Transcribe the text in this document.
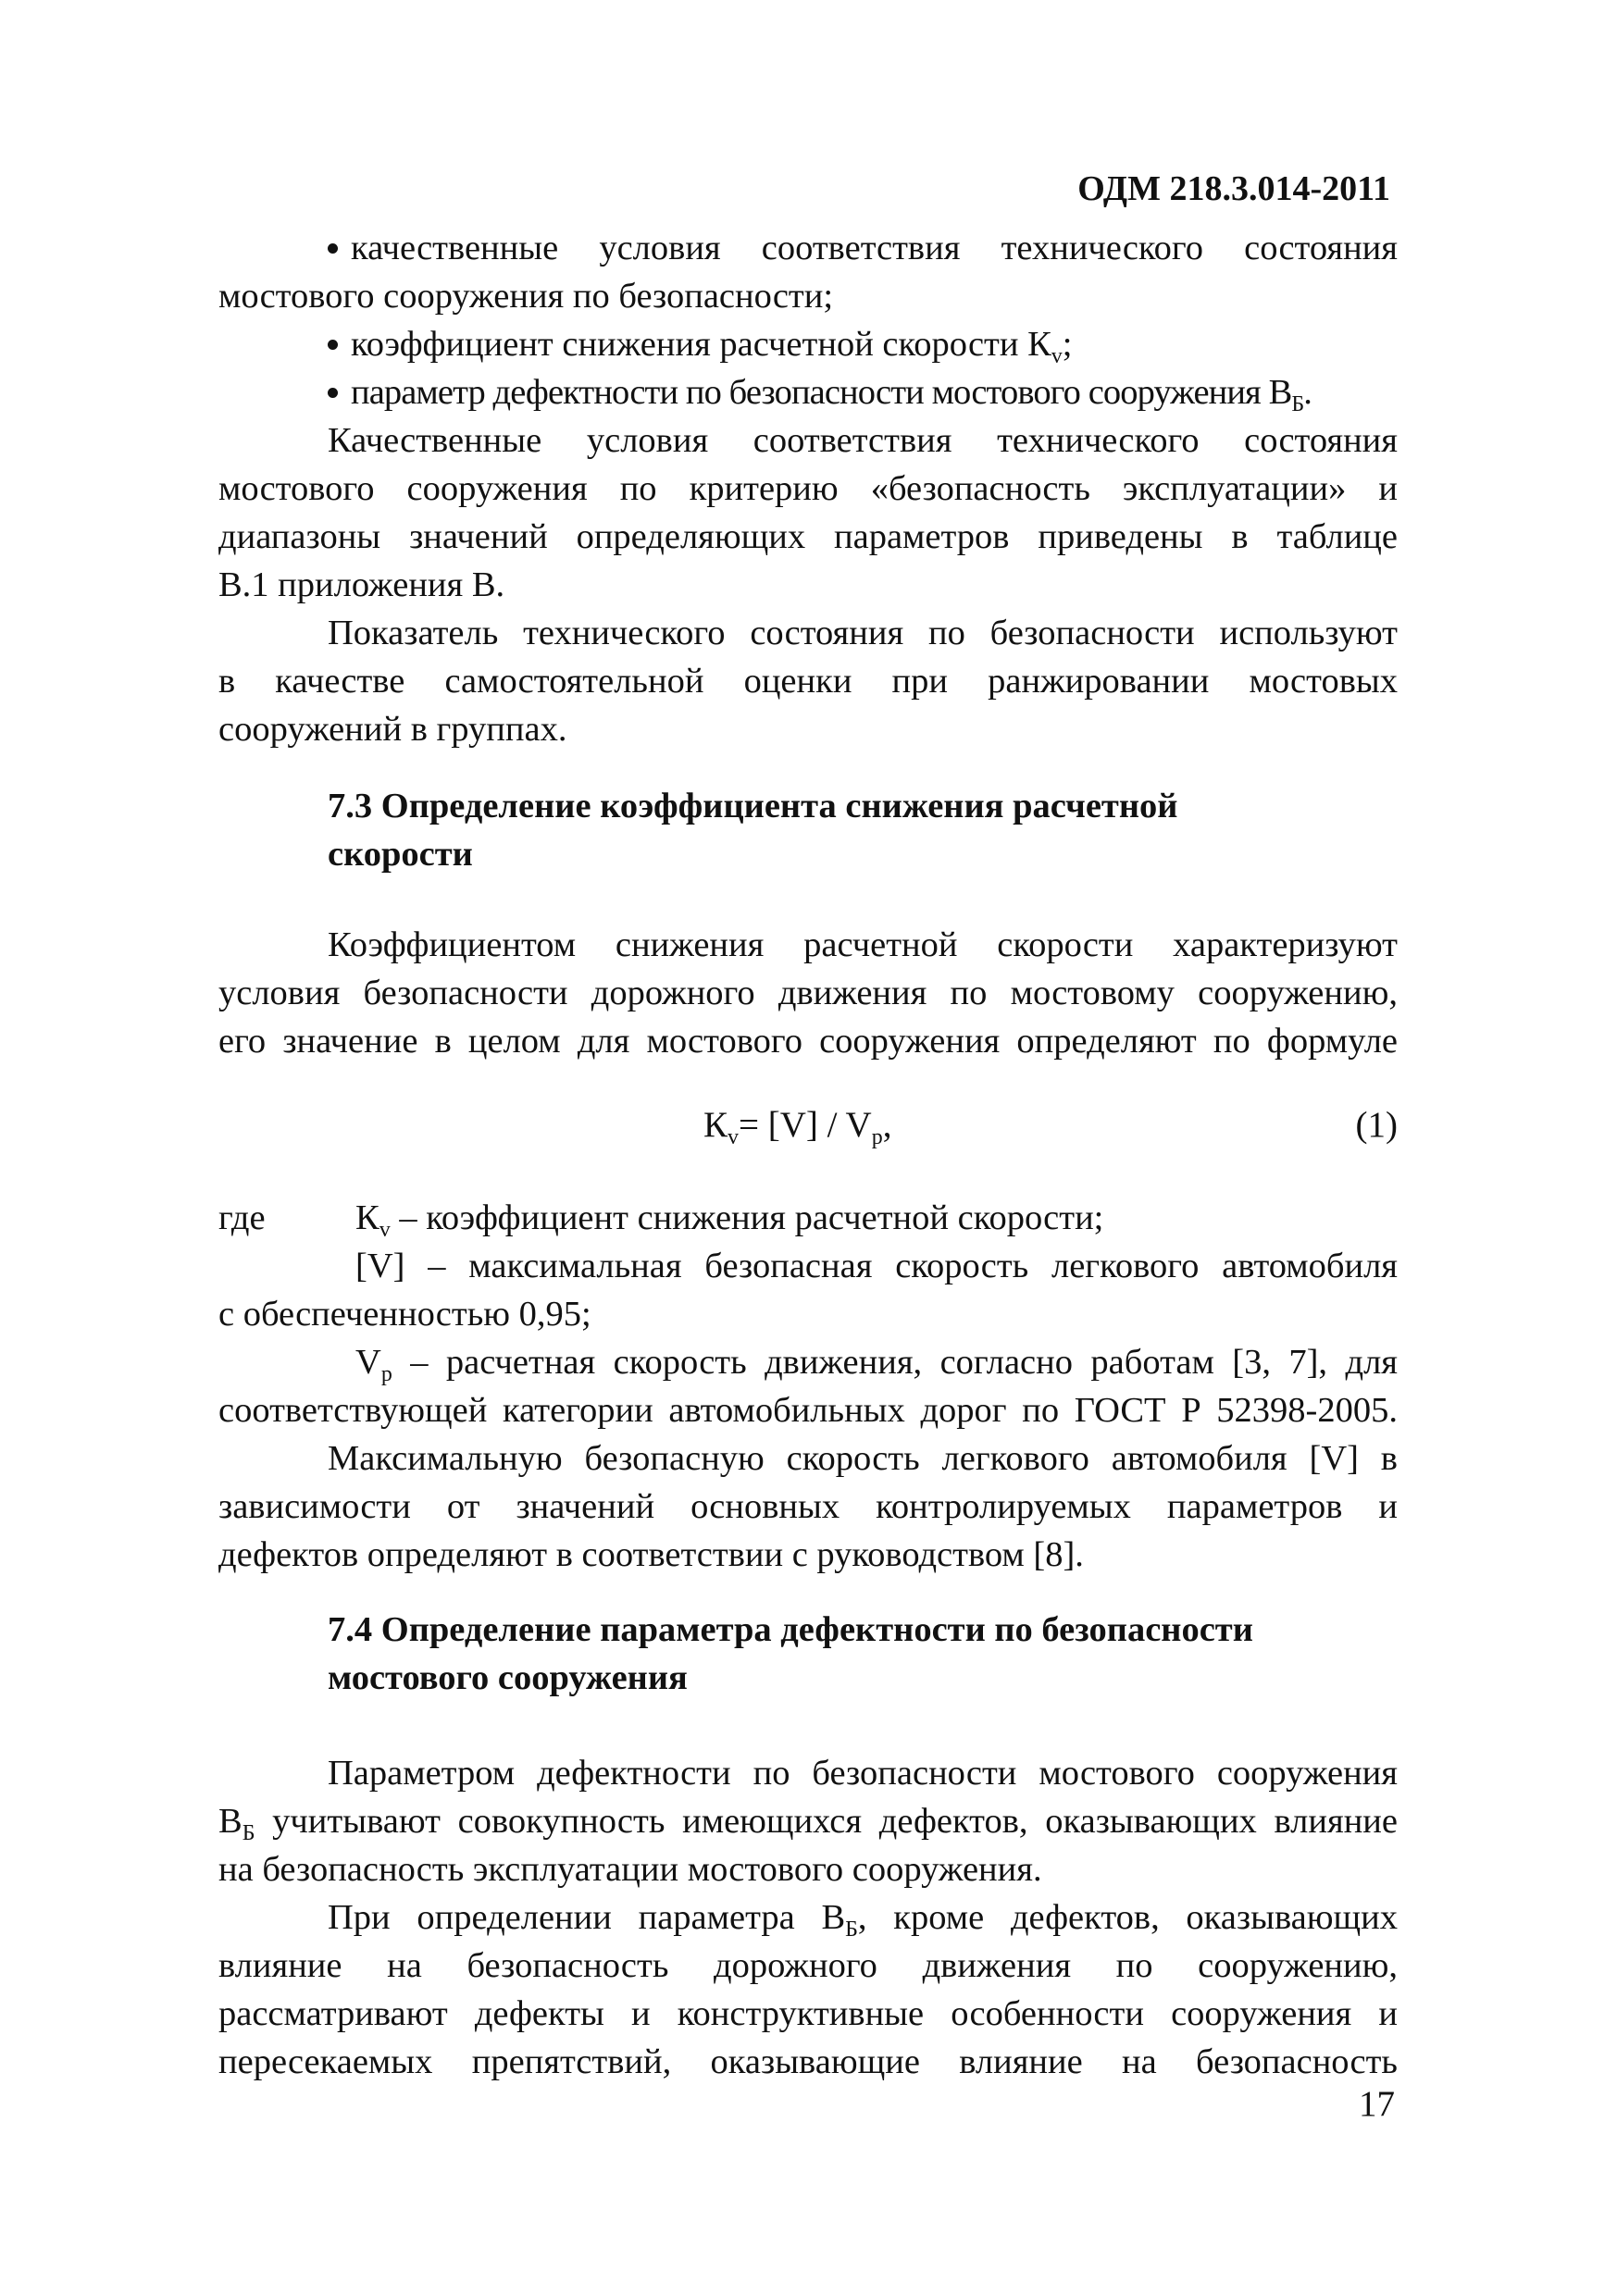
ОДМ 218.3.014-2011
качественные условия соответствия технического состояния
мостового сооружения по безопасности;
коэффициент снижения расчетной скорости $К_v$;
параметр дефектности по безопасности мостового сооружения $В_Б$.
Качественные условия соответствия технического состояния
мостового сооружения по критерию «безопасность эксплуатации» и
диапазоны значений определяющих параметров приведены в таблице
В.1 приложения В.
Показатель технического состояния по безопасности используют
в качестве самостоятельной оценки при ранжировании мостовых
сооружений в группах.
Коэффициентом снижения расчетной скорости характеризуют
условия безопасности дорожного движения по мостовому сооружению,
его значение в целом для мостового сооружения определяют по формуле
где	$К_v$ – коэффициент снижения расчетной скорости;
[V] – максимальная безопасная скорость легкового автомобиля
с обеспеченностью 0,95;
$V_p$ – расчетная скорость движения, согласно работам [3, 7], для
соответствующей категории автомобильных дорог по ГОСТ Р 52398-2005.
Максимальную безопасную скорость легкового автомобиля [V] в
зависимости от значений основных контролируемых параметров и
дефектов определяют в соответствии с руководством [8].
Параметром дефектности по безопасности мостового сооружения
$В_Б$ учитывают совокупность имеющихся дефектов, оказывающих влияние
на безопасность эксплуатации мостового сооружения.
При определении параметра $В_Б$, кроме дефектов, оказывающих
влияние на безопасность дорожного движения по сооружению,
рассматривают дефекты и конструктивные особенности сооружения и
пересекаемых препятствий, оказывающие влияние на безопасность
7.3 Определение коэффициента снижения расчетной
скорости
7.4 Определение параметра дефектности по безопасности
мостового сооружения
$К_v= [V] / V_p$,	(1)
17
